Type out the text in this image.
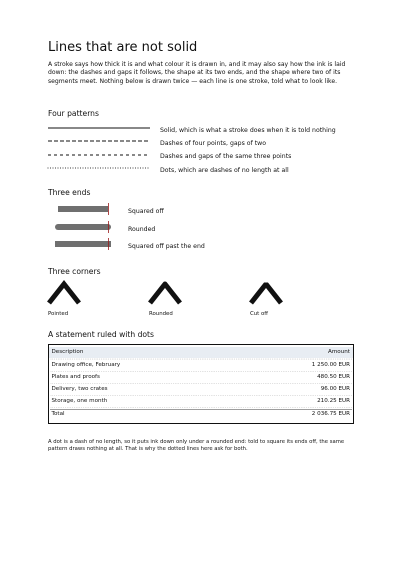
Lines that are not solid
A stroke says how thick it is and what colour it is drawn in, and it may also say how the ink is laid down: the dashes and gaps it follows, the shape at its two ends, and the shape where two of its segments meet. Nothing below is drawn twice — each line is one stroke, told what to look like.
Four patterns
Solid, which is what a stroke does when it is told nothing
Dashes of four points, gaps of two
Dashes and gaps of the same three points
Dots, which are dashes of no length at all
Three ends
Squared off
Rounded
Squared off past the end
Three corners
Pointed	Rounded	Cut off
A statement ruled with dots
Description	Amount
Drawing office, February	1 250.00 EUR
Plates and proofs	480.50 EUR
Delivery, two crates	96.00 EUR
Storage, one month	210.25 EUR
Total	2 036.75 EUR
A dot is a dash of no length, so it puts ink down only under a rounded end: told to square its ends off, the same pattern draws nothing at all. That is why the dotted lines here ask for both.
